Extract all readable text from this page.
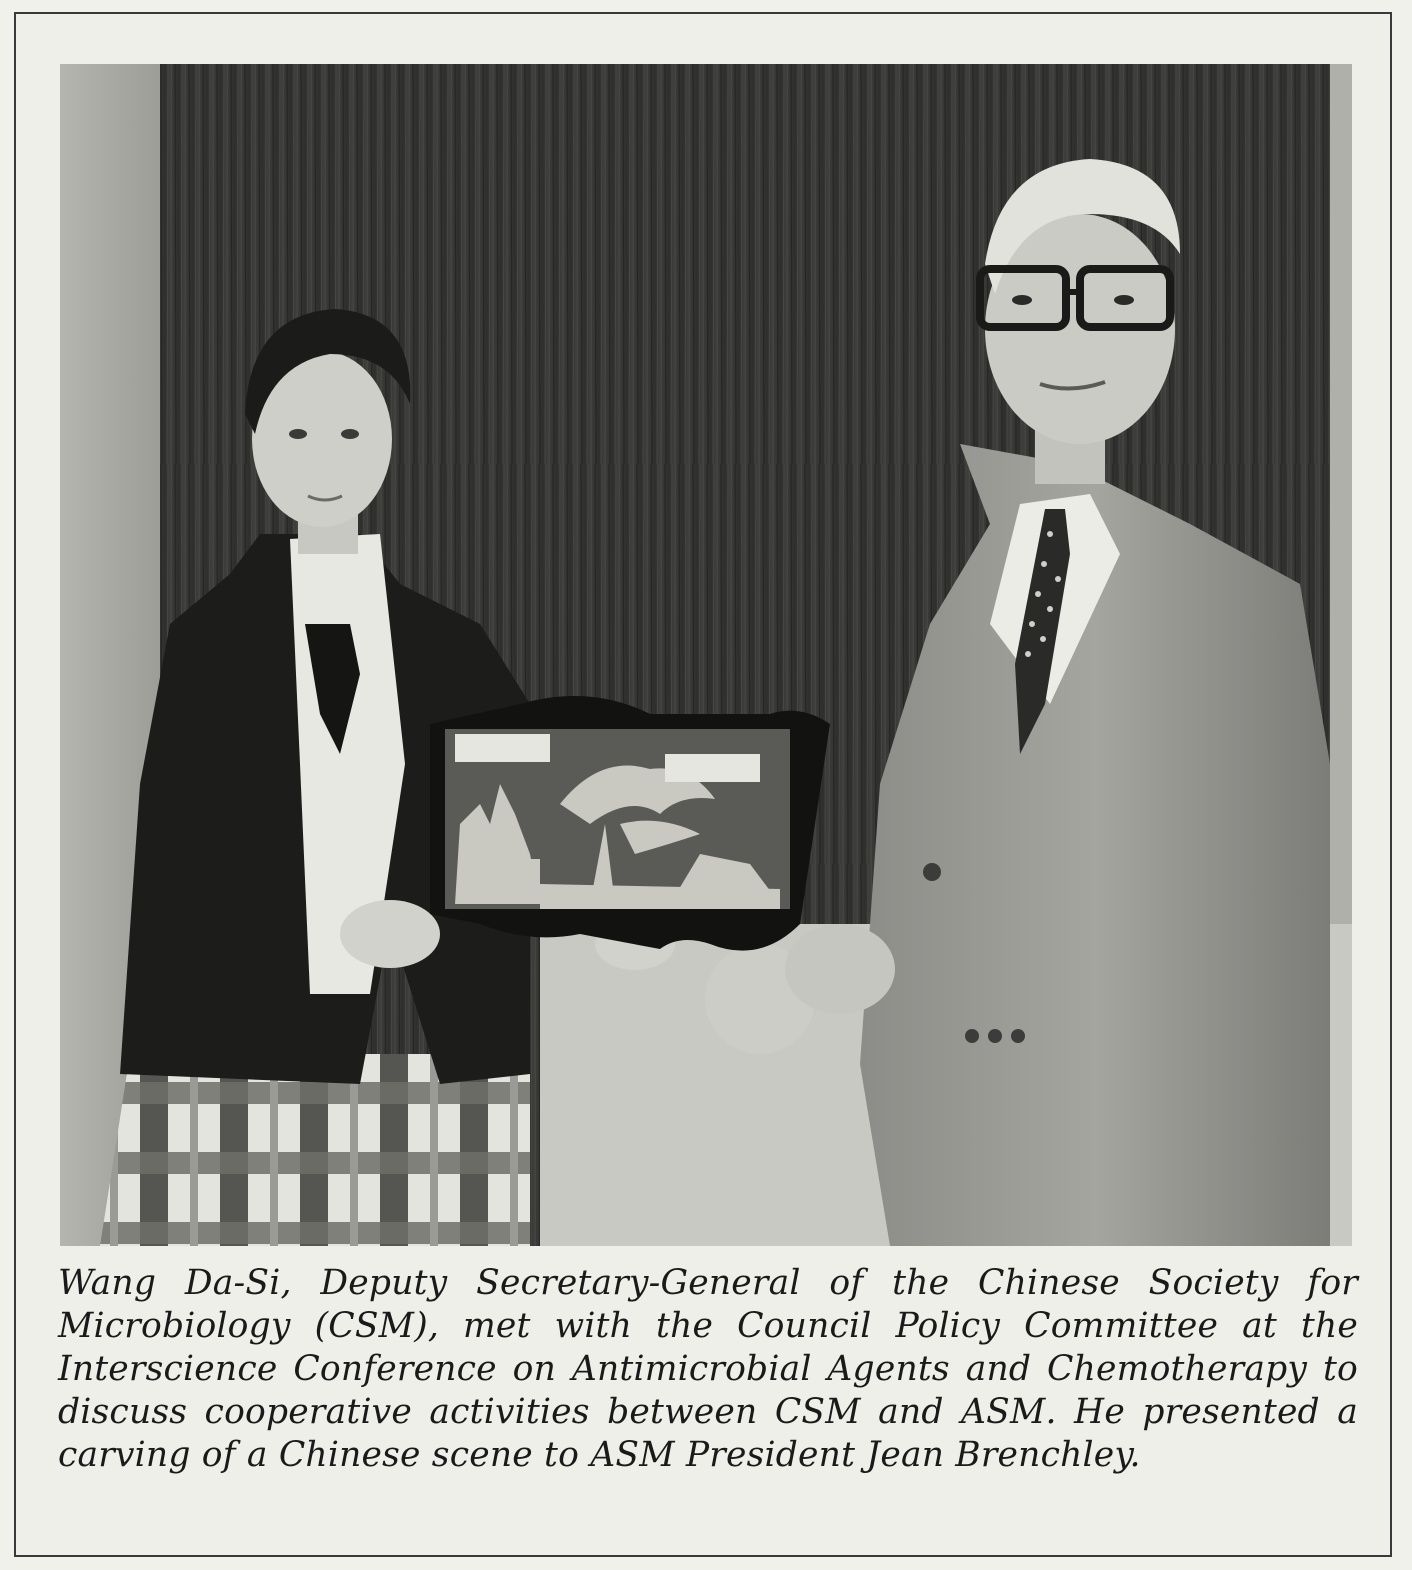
Wang Da-Si, Deputy Secretary-General of the Chinese Society for Microbiology (CSM), met with the Council Policy Committee at the Interscience Conference on Antimicrobial Agents and Chemotherapy to discuss cooperative activities between CSM and ASM. He presented a carving of a Chinese scene to ASM President Jean Brenchley.
